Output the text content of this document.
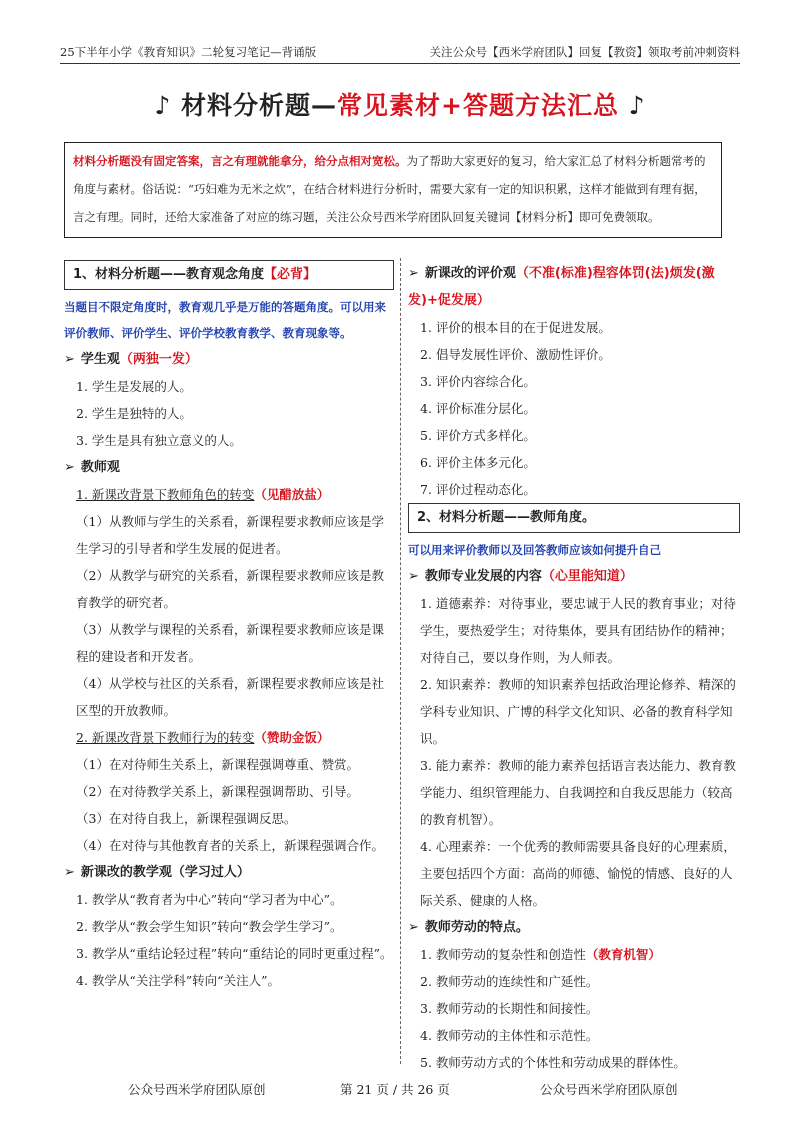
25下半年小学《教育知识》二轮复习笔记—背诵版	关注公众号【西米学府团队】回复【教资】领取考前冲刺资料
♪ 材料分析题—常见素材+答题方法汇总 ♪
材料分析题没有固定答案，言之有理就能拿分，给分点相对宽松。为了帮助大家更好的复习，给大家汇总了材料分析题常考的角度与素材。俗话说：“巧妇难为无米之炊”，在结合材料进行分析时，需要大家有一定的知识积累，这样才能做到有理有据，言之有理。同时，还给大家准备了对应的练习题，关注公众号西米学府团队回复关键词【材料分析】即可免费领取。
1、材料分析题——教育观念角度【必背】
当题目不限定角度时，教育观几乎是万能的答题角度。可以用来评价教师、评价学生、评价学校教育教学、教育现象等。
➢ 学生观（两独一发）
1. 学生是发展的人。
2. 学生是独特的人。
3. 学生是具有独立意义的人。
➢ 教师观
1. 新课改背景下教师角色的转变（见醋放盐）
（1）从教师与学生的关系看，新课程要求教师应该是学生学习的引导者和学生发展的促进者。
（2）从教学与研究的关系看，新课程要求教师应该是教育教学的研究者。
（3）从教学与课程的关系看，新课程要求教师应该是课程的建设者和开发者。
（4）从学校与社区的关系看，新课程要求教师应该是社区型的开放教师。
2. 新课改背景下教师行为的转变（赞助金饭）
（1）在对待师生关系上，新课程强调尊重、赞赏。
（2）在对待教学关系上，新课程强调帮助、引导。
（3）在对待自我上，新课程强调反思。
（4）在对待与其他教育者的关系上，新课程强调合作。
➢ 新课改的教学观（学习过人）
1. 教学从“教育者为中心”转向“学习者为中心”。
2. 教学从“教会学生知识”转向“教会学生学习”。
3. 教学从“重结论轻过程”转向“重结论的同时更重过程”。
4. 教学从“关注学科”转向“关注人”。
➢ 新课改的评价观（不准(标准)程容体罚(法)烦发(激发)+促发展）
1. 评价的根本目的在于促进发展。
2. 倡导发展性评价、激励性评价。
3. 评价内容综合化。
4. 评价标准分层化。
5. 评价方式多样化。
6. 评价主体多元化。
7. 评价过程动态化。
2、材料分析题——教师角度。
可以用来评价教师以及回答教师应该如何提升自己
➢ 教师专业发展的内容（心里能知道）
1. 道德素养：对待事业，要忠诚于人民的教育事业；对待学生，要热爱学生；对待集体，要具有团结协作的精神；对待自己，要以身作则，为人师表。
2. 知识素养：教师的知识素养包括政治理论修养、精深的学科专业知识、广博的科学文化知识、必备的教育科学知识。
3. 能力素养：教师的能力素养包括语言表达能力、教育教学能力、组织管理能力、自我调控和自我反思能力（较高的教育机智）。
4. 心理素养：一个优秀的教师需要具备良好的心理素质，主要包括四个方面：高尚的师德、愉悦的情感、良好的人际关系、健康的人格。
➢ 教师劳动的特点。
1. 教师劳动的复杂性和创造性（教育机智）
2. 教师劳动的连续性和广延性。
3. 教师劳动的长期性和间接性。
4. 教师劳动的主体性和示范性。
5. 教师劳动方式的个体性和劳动成果的群体性。
公众号西米学府团队原创	第 21 页 / 共 26 页	公众号西米学府团队原创
